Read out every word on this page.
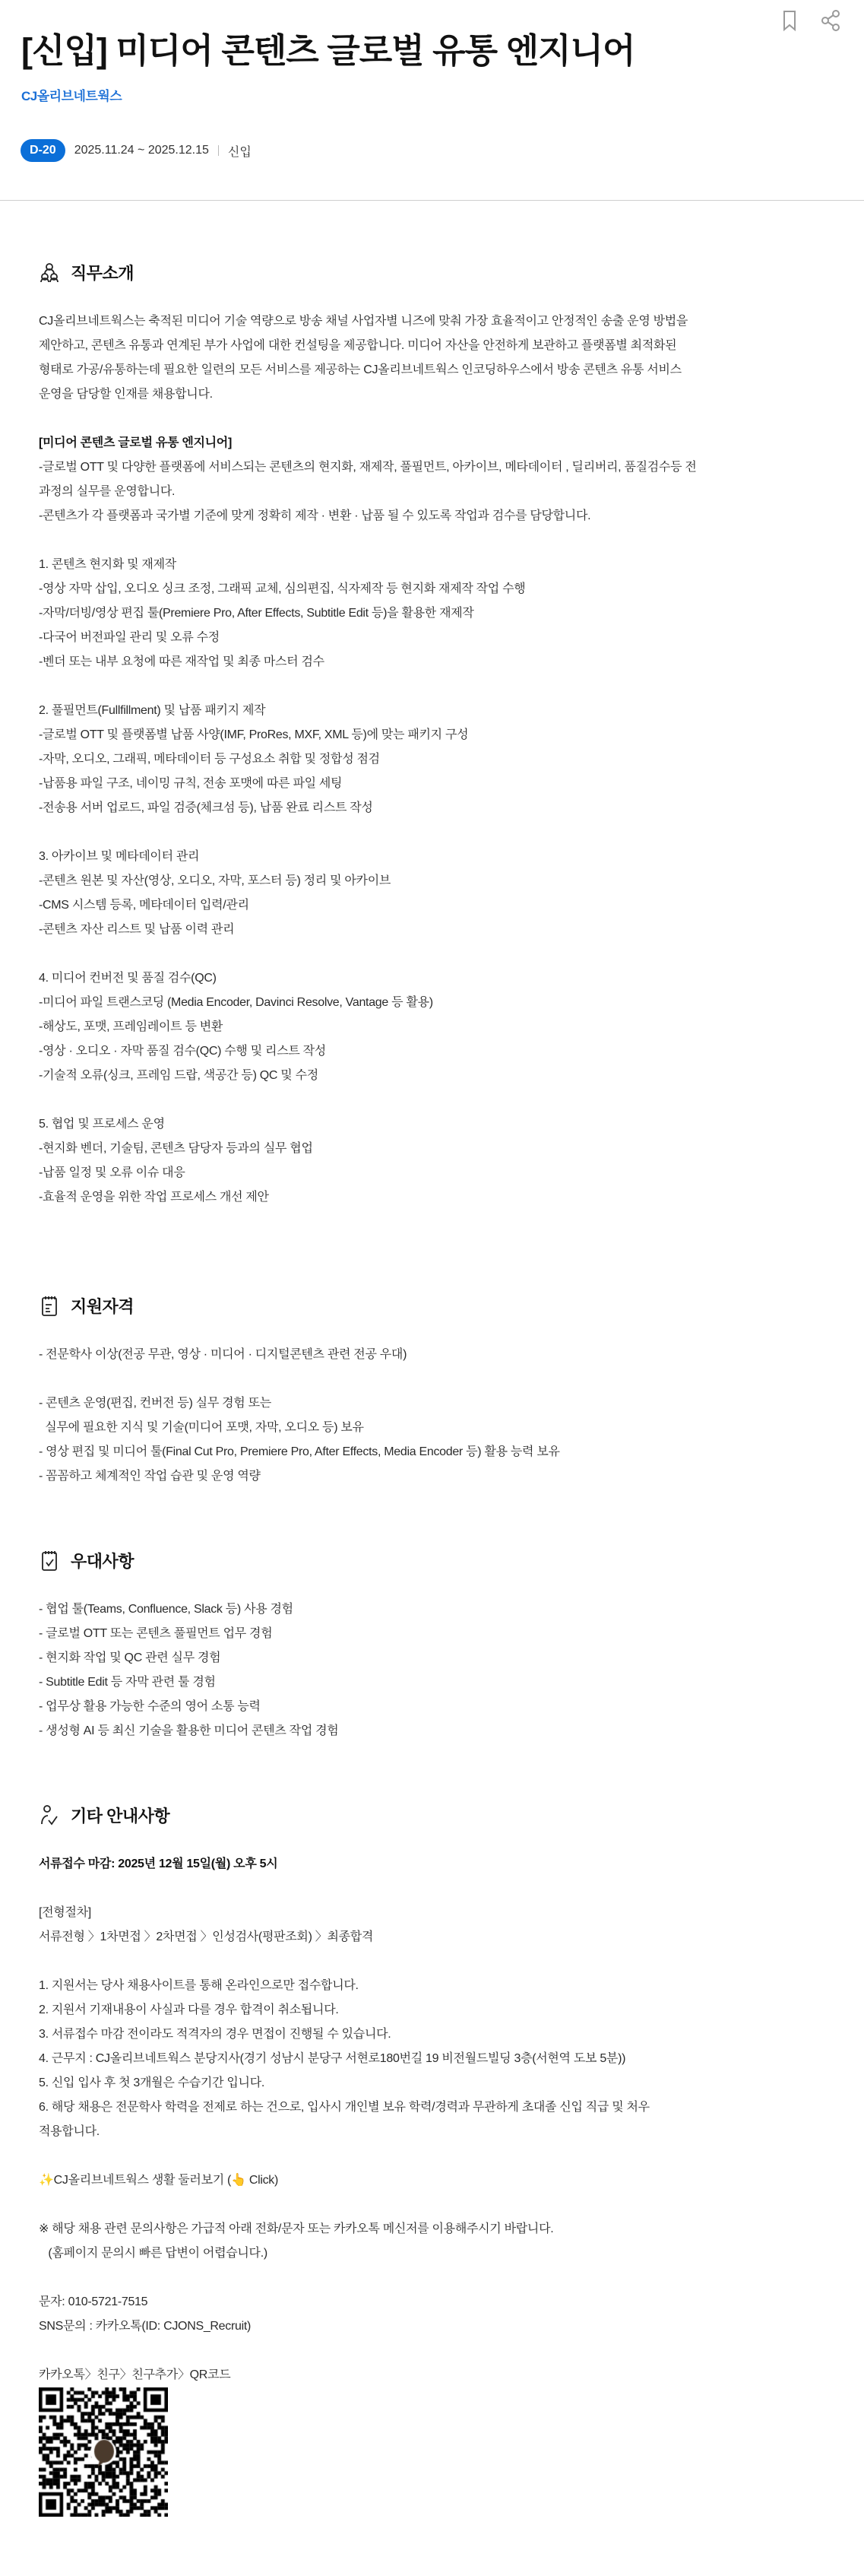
[신입] 미디어 콘텐츠 글로벌 유통 엔지니어
CJ올리브네트웍스
D-20	2025.11.24 ~ 2025.12.15 신입
직무소개
CJ올리브네트웍스는 축적된 미디어 기술 역량으로 방송 채널 사업자별 니즈에 맞춰 가장 효율적이고 안정적인 송출 운영 방법을
제안하고, 콘텐츠 유통과 연계된 부가 사업에 대한 컨설팅을 제공합니다. 미디어 자산을 안전하게 보관하고 플랫폼별 최적화된
형태로 가공/유통하는데 필요한 일련의 모든 서비스를 제공하는 CJ올리브네트웍스 인코딩하우스에서 방송 콘텐츠 유통 서비스
운영을 담당할 인재를 채용합니다.
[미디어 콘텐츠 글로벌 유통 엔지니어]
-글로벌 OTT 및 다양한 플랫폼에 서비스되는 콘텐츠의 현지화, 재제작, 풀필먼트, 아카이브, 메타데이터 , 딜리버리, 품질검수등 전
과정의 실무를 운영합니다.
-콘텐츠가 각 플랫폼과 국가별 기준에 맞게 정확히 제작 · 변환 · 납품 될 수 있도록 작업과 검수를 담당합니다.
1. 콘텐츠 현지화 및 재제작
-영상 자막 삽입, 오디오 싱크 조정, 그래픽 교체, 심의편집, 식자제작 등 현지화 재제작 작업 수행
-자막/더빙/영상 편집 툴(Premiere Pro, After Effects, Subtitle Edit 등)을 활용한 재제작
-다국어 버전파일 관리 및 오류 수정
-벤더 또는 내부 요청에 따른 재작업 및 최종 마스터 검수
2. 풀필먼트(Fullfillment) 및 납품 패키지 제작
-글로벌 OTT 및 플랫폼별 납품 사양(IMF, ProRes, MXF, XML 등)에 맞는 패키지 구성
-자막, 오디오, 그래픽, 메타데이터 등 구성요소 취합 및 정합성 점검
-납품용 파일 구조, 네이밍 규칙, 전송 포맷에 따른 파일 세팅
-전송용 서버 업로드, 파일 검증(체크섬 등), 납품 완료 리스트 작성
3. 아카이브 및 메타데이터 관리
-콘텐츠 원본 및 자산(영상, 오디오, 자막, 포스터 등) 정리 및 아카이브
-CMS 시스템 등록, 메타데이터 입력/관리
-콘텐츠 자산 리스트 및 납품 이력 관리
4. 미디어 컨버전 및 품질 검수(QC)
-미디어 파일 트랜스코딩 (Media Encoder, Davinci Resolve, Vantage 등 활용)
-해상도, 포맷, 프레임레이트 등 변환
-영상 · 오디오 · 자막 품질 검수(QC) 수행 및 리스트 작성
-기술적 오류(싱크, 프레임 드랍, 색공간 등) QC 및 수정
5. 협업 및 프로세스 운영
-현지화 벤더, 기술팀, 콘텐츠 담당자 등과의 실무 협업
-납품 일정 및 오류 이슈 대응
-효율적 운영을 위한 작업 프로세스 개선 제안
지원자격
- 전문학사 이상(전공 무관, 영상 · 미디어 · 디지털콘텐츠 관련 전공 우대)
- 콘텐츠 운영(편집, 컨버전 등) 실무 경험 또는
실무에 필요한 지식 및 기술(미디어 포맷, 자막, 오디오 등) 보유
- 영상 편집 및 미디어 툴(Final Cut Pro, Premiere Pro, After Effects, Media Encoder 등) 활용 능력 보유
- 꼼꼼하고 체계적인 작업 습관 및 운영 역량
우대사항
- 협업 툴(Teams, Confluence, Slack 등) 사용 경험
- 글로벌 OTT 또는 콘텐츠 풀필먼트 업무 경험
- 현지화 작업 및 QC 관련 실무 경험
- Subtitle Edit 등 자막 관련 툴 경험
- 업무상 활용 가능한 수준의 영어 소통 능력
- 생성형 AI 등 최신 기술을 활용한 미디어 콘텐츠 작업 경험
기타 안내사항
서류접수 마감: 2025년 12월 15일(월) 오후 5시
[전형절차]
서류전형 〉1차면접 〉2차면접 〉인성검사(평판조회) 〉최종합격
1. 지원서는 당사 채용사이트를 통해 온라인으로만 접수합니다.
2. 지원서 기재내용이 사실과 다를 경우 합격이 취소됩니다.
3. 서류접수 마감 전이라도 적격자의 경우 면접이 진행될 수 있습니다.
4. 근무지 : CJ올리브네트웍스 분당지사(경기 성남시 분당구 서현로180번길 19 비전월드빌딩 3층(서현역 도보 5분))
5. 신입 입사 후 첫 3개월은 수습기간 입니다.
6. 해당 채용은 전문학사 학력을 전제로 하는 건으로, 입사시 개인별 보유 학력/경력과 무관하게 초대졸 신입 직급 및 처우
적용합니다.
✨CJ올리브네트웍스 생활 둘러보기 (👆 Click)
※ 해당 채용 관련 문의사항은 가급적 아래 전화/문자 또는 카카오톡 메신저를 이용해주시기 바랍니다.
(홈페이지 문의시 빠른 답변이 어렵습니다.)
문자: 010-5721-7515
SNS문의 : 카카오톡(ID: CJONS_Recruit)
카카오톡〉친구〉친구추가〉QR코드
